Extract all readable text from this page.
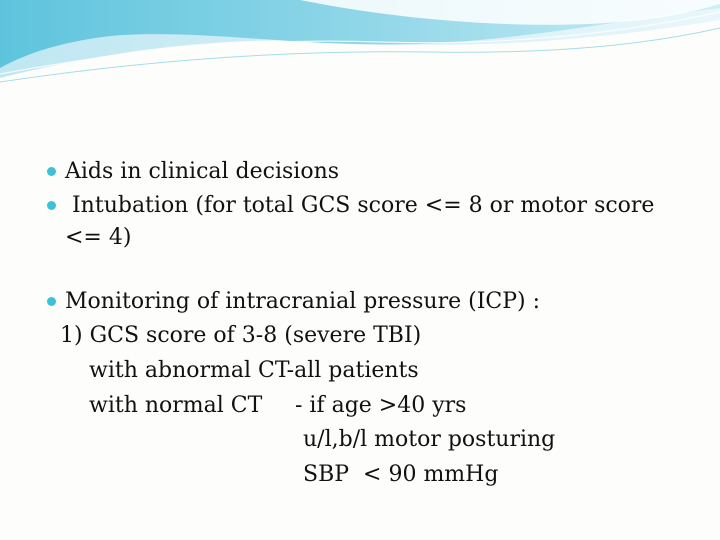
Aids in clinical decisions
Intubation (for total GCS score <= 8 or motor score
<= 4)
Monitoring of intracranial pressure (ICP) :
1) GCS score of 3-8 (severe TBI)
with abnormal CT-all patients
with normal CT - if age >40 yrs
u/l,b/l motor posturing
SBP  < 90 mmHg
